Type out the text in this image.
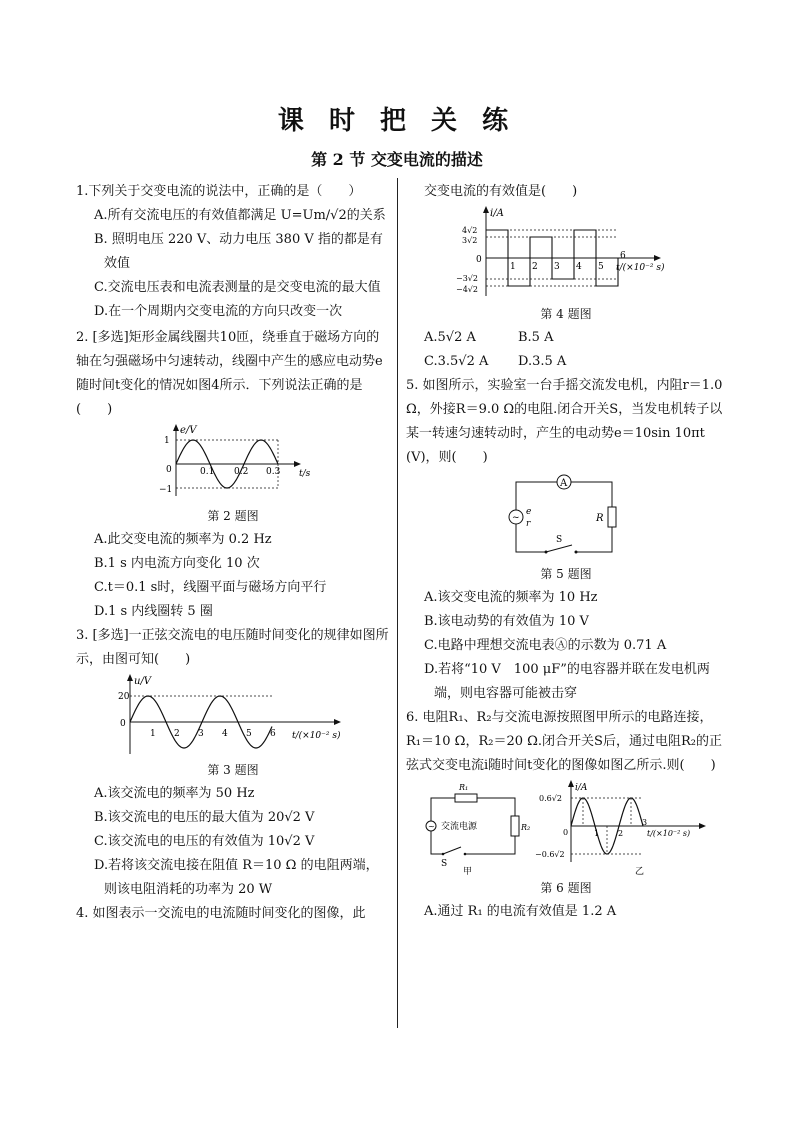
课 时 把 关 练
第 2 节 交变电流的描述

1.下列关于交变电流的说法中，正确的是（　　）

A.所有交流电压的有效值都满足 U=Um/√2的关系

B. 照明电压 220 V、动力电压 380 V 指的都是有效值

C.交流电压表和电流表测量的是交变电流的最大值

D.在一个周期内交变电流的方向只改变一次

2. [多选]矩形金属线圈共10匝，绕垂直于磁场方向的轴在匀强磁场中匀速转动，线圈中产生的感应电动势e随时间t变化的情况如图4所示．下列说法正确的是(　　)

e/V
t/s
1
−1
0	0.1 0.2 0.3

第 2 题图

A.此交变电流的频率为 0.2 Hz

B.1 s 内电流方向变化 10 次

C.t＝0.1 s时，线圈平面与磁场方向平行

D.1 s 内线圈转 5 圈

3. [多选]一正弦交流电的电压随时间变化的规律如图所示，由图可知(　　)

u/V
t/(×10⁻² s)
20
0
1 2 3 4 5 6

第 3 题图

A.该交流电的频率为 50 Hz

B.该交流电的电压的最大值为 20√2 V

C.该交流电的电压的有效值为 10√2 V

D.若将该交流电接在阻值 R＝10 Ω 的电阻两端，则该电阻消耗的功率为 20 W

4. 如图表示一交流电的电流随时间变化的图像，此

交变电流的有效值是(　　)

i/A
t/(×10⁻² s)
4√2
3√2
0
−3√2
−4√2
1 2 3 4 5
6

第 4 题图

A.5√2 A	B.5 A
C.3.5√2 A	D.3.5 A

5. 如图所示，实验室一台手摇交流发电机，内阻r＝1.0 Ω，外接R＝9.0 Ω的电阻.闭合开关S，当发电机转子以某一转速匀速转动时，产生的电动势e＝10sin 10πt (V)，则(　　)

A
~
e
r	R
S

第 5 题图

A.该交变电流的频率为 10 Hz

B.该电动势的有效值为 10 V

C.电路中理想交流电表Ⓐ的示数为 0.71 A

D.若将“10 V　100 μF”的电容器并联在发电机两端，则电容器可能被击穿

6. 电阻R₁、R₂与交流电源按照图甲所示的电路连接，R₁＝10 Ω，R₂＝20 Ω.闭合开关S后，通过电阻R₂的正弦式交变电流i随时间t变化的图像如图乙所示.则(　　)

R₁
~ 交流电源	R₂
S
甲
i/A
t/(×10⁻² s)
0.6√2
−0.6√2
0	1 2
3
乙

第 6 题图

A.通过 R₁ 的电流有效值是 1.2 A
